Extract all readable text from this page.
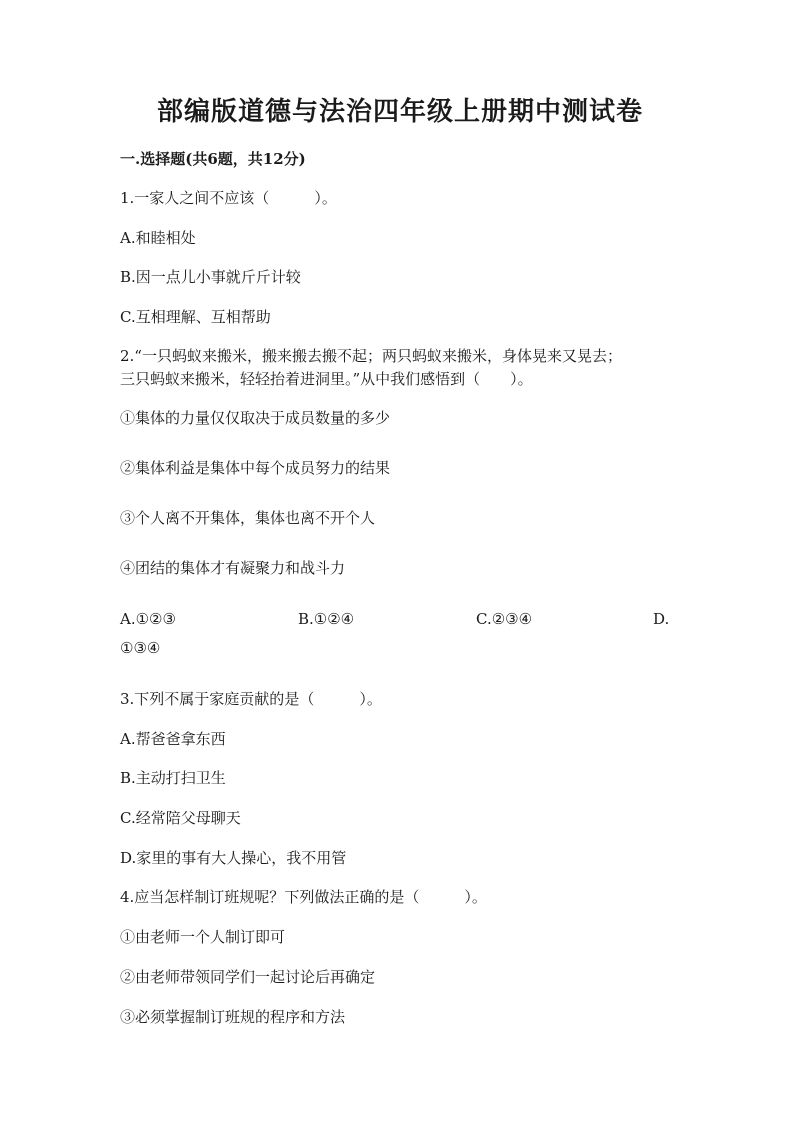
部编版道德与法治四年级上册期中测试卷
一.选择题(共6题，共12分)
1.一家人之间不应该（　　　）。
A.和睦相处
B.因一点儿小事就斤斤计较
C.互相理解、互相帮助
2.“一只蚂蚁来搬米，搬来搬去搬不起；两只蚂蚁来搬米，身体晃来又晃去；
三只蚂蚁来搬米，轻轻抬着进洞里。”从中我们感悟到（　　）。
①集体的力量仅仅取决于成员数量的多少
②集体利益是集体中每个成员努力的结果
③个人离不开集体，集体也离不开个人
④团结的集体才有凝聚力和战斗力
A.①②③	B.①②④	C.②③④	D.
①③④
3.下列不属于家庭贡献的是（　　　）。
A.帮爸爸拿东西
B.主动打扫卫生
C.经常陪父母聊天
D.家里的事有大人操心，我不用管
4.应当怎样制订班规呢？下列做法正确的是（　　　）。
①由老师一个人制订即可
②由老师带领同学们一起讨论后再确定
③必须掌握制订班规的程序和方法
